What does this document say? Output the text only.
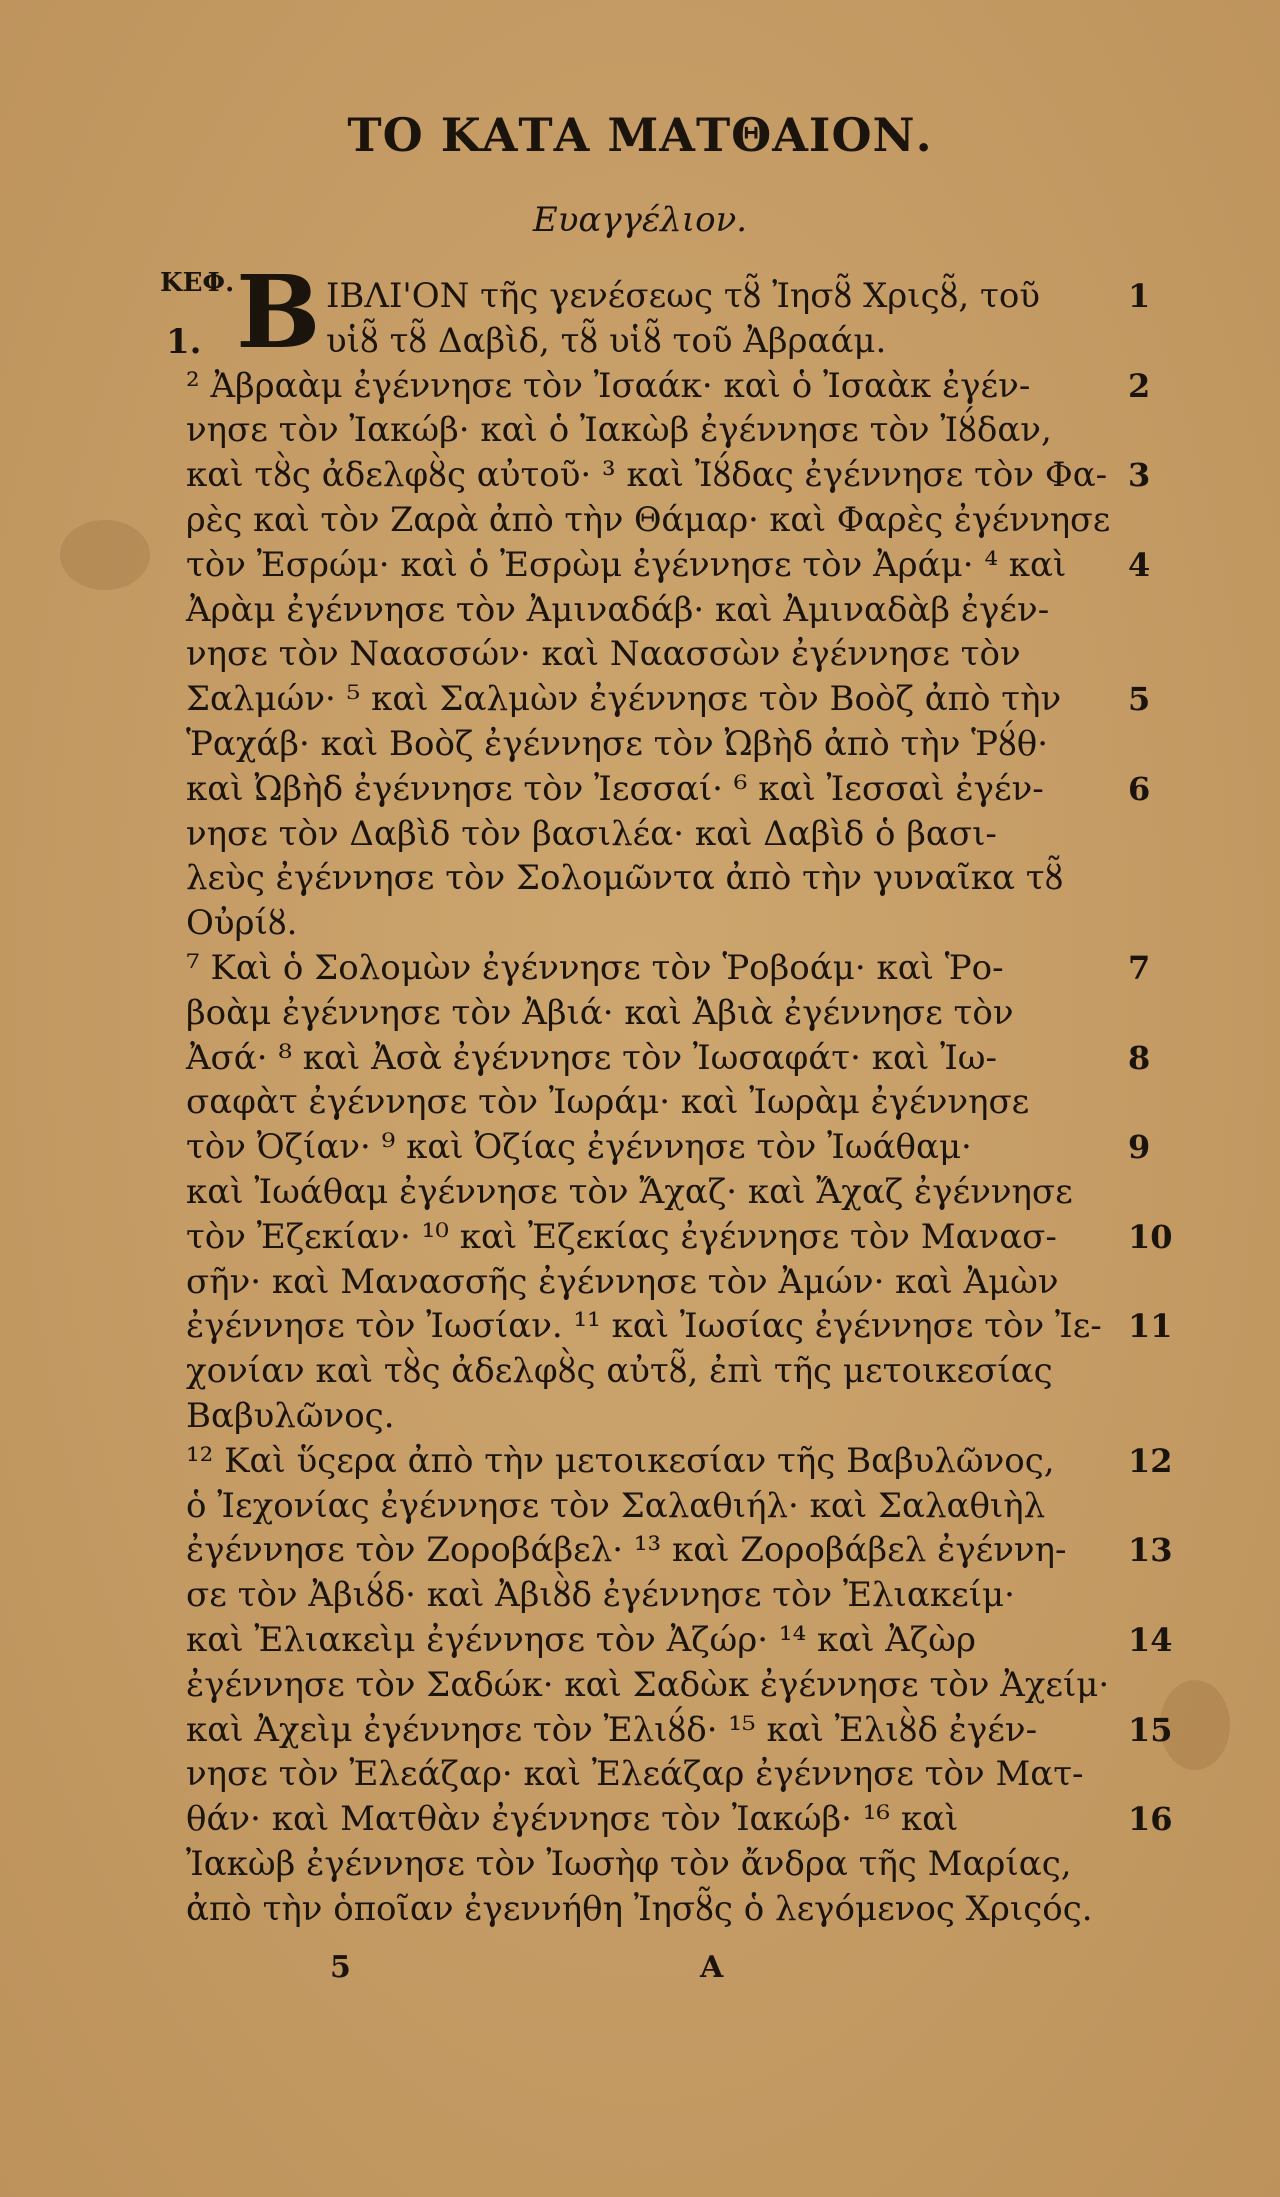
ΤΟ ΚΑΤΑ ΜΑΤΘΑΙΟΝ.
Ευαγγέλιον.
ΚΕΦ.
1. Β ΙΒΛΙ'ΟΝ τῆς γενέσεως τȣ̃ Ἰησȣ̃ Χριςȣ̃, τοῦ
υἱȣ̃ τȣ̃ Δαβὶδ, τȣ̃ υἱȣ̃ τοῦ Ἀβραάμ.
² Ἀβραὰμ ἐγέννησε τὸν Ἰσαάκ· καὶ ὁ Ἰσαὰκ ἐγέν-
νησε τὸν Ἰακώβ· καὶ ὁ Ἰακὼβ ἐγέννησε τὸν Ἰȣ́δαν,
καὶ τȣ̀ς ἀδελφȣ̀ς αὐτοῦ· ³ καὶ Ἰȣ́δας ἐγέννησε τὸν Φα-
ρὲς καὶ τὸν Ζαρὰ ἀπὸ τὴν Θάμαρ· καὶ Φαρὲς ἐγέννησε
τὸν Ἐσρώμ· καὶ ὁ Ἐσρὼμ ἐγέννησε τὸν Ἀράμ· ⁴ καὶ
Ἀρὰμ ἐγέννησε τὸν Ἀμιναδάβ· καὶ Ἀμιναδὰβ ἐγέν-
νησε τὸν Ναασσών· καὶ Ναασσὼν ἐγέννησε τὸν
Σαλμών· ⁵ καὶ Σαλμὼν ἐγέννησε τὸν Βοὸζ ἀπὸ τὴν
Ῥαχάβ· καὶ Βοὸζ ἐγέννησε τὸν Ὠβὴδ ἀπὸ τὴν Ῥȣ́θ·
καὶ Ὠβὴδ ἐγέννησε τὸν Ἰεσσαί· ⁶ καὶ Ἰεσσαὶ ἐγέν-
νησε τὸν Δαβὶδ τὸν βασιλέα· καὶ Δαβὶδ ὁ βασι-
λεὺς ἐγέννησε τὸν Σολομῶντα ἀπὸ τὴν γυναῖκα τȣ̃
Οὐρίȣ.
⁷ Καὶ ὁ Σολομὼν ἐγέννησε τὸν Ῥοβοάμ· καὶ Ῥο-
βοὰμ ἐγέννησε τὸν Ἀβιά· καὶ Ἀβιὰ ἐγέννησε τὸν
Ἀσά· ⁸ καὶ Ἀσὰ ἐγέννησε τὸν Ἰωσαφάτ· καὶ Ἰω-
σαφὰτ ἐγέννησε τὸν Ἰωράμ· καὶ Ἰωρὰμ ἐγέννησε
τὸν Ὀζίαν· ⁹ καὶ Ὀζίας ἐγέννησε τὸν Ἰωάθαμ·
καὶ Ἰωάθαμ ἐγέννησε τὸν Ἄχαζ· καὶ Ἄχαζ ἐγέννησε
τὸν Ἐζεκίαν· ¹⁰ καὶ Ἐζεκίας ἐγέννησε τὸν Μανασ-
σῆν· καὶ Μανασσῆς ἐγέννησε τὸν Ἀμών· καὶ Ἀμὼν
ἐγέννησε τὸν Ἰωσίαν. ¹¹ καὶ Ἰωσίας ἐγέννησε τὸν Ἰε-
χονίαν καὶ τȣ̀ς ἀδελφȣ̀ς αὐτȣ̃, ἐπὶ τῆς μετοικεσίας
Βαβυλῶνος.
¹² Καὶ ὕςερα ἀπὸ τὴν μετοικεσίαν τῆς Βαβυλῶνος,
ὁ Ἰεχονίας ἐγέννησε τὸν Σαλαθιήλ· καὶ Σαλαθιὴλ
ἐγέννησε τὸν Ζοροβάβελ· ¹³ καὶ Ζοροβάβελ ἐγέννη-
σε τὸν Ἀβιȣ́δ· καὶ Ἀβιȣ̀δ ἐγέννησε τὸν Ἐλιακείμ·
καὶ Ἐλιακεὶμ ἐγέννησε τὸν Ἀζώρ· ¹⁴ καὶ Ἀζὼρ
ἐγέννησε τὸν Σαδώκ· καὶ Σαδὼκ ἐγέννησε τὸν Ἀχείμ·
καὶ Ἀχεὶμ ἐγέννησε τὸν Ἐλιȣ́δ· ¹⁵ καὶ Ἐλιȣ̀δ ἐγέν-
νησε τὸν Ἐλεάζαρ· καὶ Ἐλεάζαρ ἐγέννησε τὸν Ματ-
θάν· καὶ Ματθὰν ἐγέννησε τὸν Ἰακώβ· ¹⁶ καὶ
Ἰακὼβ ἐγέννησε τὸν Ἰωσὴφ τὸν ἄνδρα τῆς Μαρίας,
ἀπὸ τὴν ὁποῖαν ἐγεννήθη Ἰησȣ̃ς ὁ λεγόμενος Χριςός.
1
2
3
4
5
6
7
8
9
10
11
12
13
14
15
16
5	A
